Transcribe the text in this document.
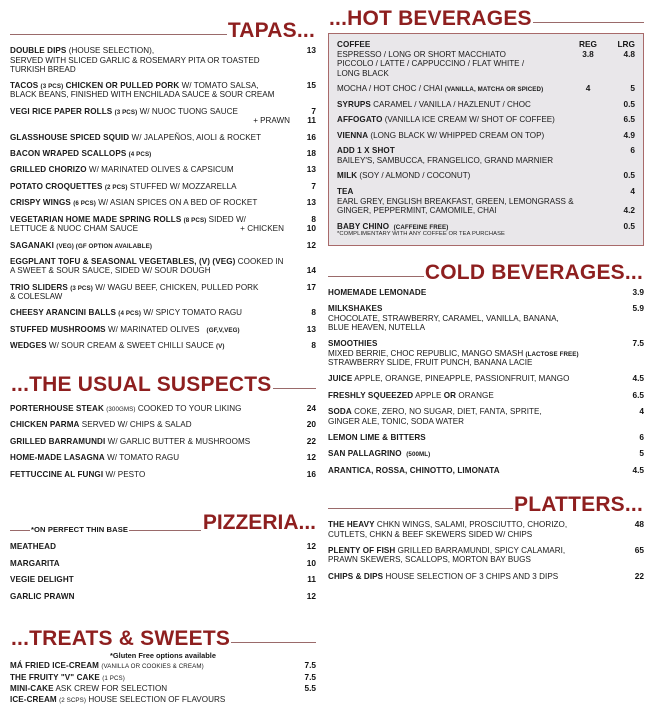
TAPAS...
DOUBLE DIPS (HOUSE SELECTION),	13
SERVED WITH SLICED GARLIC & ROSEMARY PITA OR TOASTED
TURKISH BREAD
TACOS (3 PCS) CHICKEN OR PULLED PORK W/ TOMATO SALSA,	15
BLACK BEANS, FINISHED WITH ENCHILADA SAUCE & SOUR CREAM
VEGI RICE PAPER ROLLS (3 PCS) W/ NUOC TUONG SAUCE	7
+ PRAWN	11
GLASSHOUSE SPICED SQUID W/ JALAPEÑOS, AIOLI & ROCKET	16
BACON WRAPED SCALLOPS (4 PCS)	18
GRILLED CHORIZO W/ MARINATED OLIVES & CAPSICUM	13
POTATO CROQUETTES (2 PCS) STUFFED W/ MOZZARELLA	7
CRISPY WINGS (6 PCS) W/ ASIAN SPICES ON A BED OF ROCKET	13
VEGETARIAN HOME MADE SPRING ROLLS (8 PCS) SIDED W/	8
LETTUCE & NUOC CHAM SAUCE	+ CHICKEN	10
SAGANAKI (VEG) (GF OPTION AVAILABLE)	12
EGGPLANT TOFU & SEASONAL VEGETABLES, (V) (VEG) COOKED IN
A SWEET & SOUR SAUCE, SIDED W/ SOUR DOUGH	14
TRIO SLIDERS (3 PCS) W/ WAGU BEEF, CHICKEN, PULLED PORK	17
& COLESLAW
CHEESY ARANCINI BALLS (4 PCS) W/ SPICY TOMATO RAGU	8
STUFFED MUSHROOMS W/ MARINATED OLIVES (GF,V,VEG)	13
WEDGES W/ SOUR CREAM & SWEET CHILLI SAUCE (V)	8
...THE USUAL SUSPECTS
PORTERHOUSE STEAK (300GMS) COOKED TO YOUR LIKING	24
CHICKEN PARMA SERVED W/ CHIPS & SALAD	20
GRILLED BARRAMUNDI W/ GARLIC BUTTER & MUSHROOMS	22
HOME-MADE LASAGNA W/ TOMATO RAGU	12
FETTUCCINE AL FUNGI W/ PESTO	16
*ON PERFECT THIN BASE	PIZZERIA...
MEATHEAD	12
MARGARITA	10
VEGIE DELIGHT	11
GARLIC PRAWN	12
...TREATS & SWEETS
*Gluten Free options available
MÁ FRIED ICE-CREAM (VANILLA OR COOKIES & CREAM)	7.5
THE FRUITY "V" CAKE (1 PCS)	7.5
MINI-CAKE ASK CREW FOR SELECTION	5.5
ICE-CREAM (2 SCPS) HOUSE SELECTION OF FLAVOURS
...HOT BEVERAGES
COFFEE	REG	LRG
ESPRESSO / LONG OR SHORT MACCHIATO	3.8	4.8
PICCOLO / LATTE / CAPPUCCINO / FLAT WHITE /
LONG BLACK
MOCHA / HOT CHOC / CHAI (VANILLA, MATCHA OR SPICED)	4	5
SYRUPS CARAMEL / VANILLA / HAZLENUT / CHOC	0.5
AFFOGATO (VANILLA ICE CREAM W/ SHOT OF COFFEE)	6.5
VIENNA (LONG BLACK W/ WHIPPED CREAM ON TOP)	4.9
ADD 1 X SHOT	6
BAILEY'S, SAMBUCCA, FRANGELICO, GRAND MARNIER
MILK (SOY / ALMOND / COCONUT)	0.5
TEA	4
EARL GREY, ENGLISH BREAKFAST, GREEN, LEMONGRASS &
GINGER, PEPPERMINT, CAMOMILE, CHAI	4.2
BABY CHINO (CAFFEINE FREE)	0.5
*COMPLIMENTARY WITH ANY COFFEE OR TEA PURCHASE
COLD BEVERAGES...
HOMEMADE LEMONADE	3.9
MILKSHAKES	5.9
CHOCOLATE, STRAWBERRY, CARAMEL, VANILLA, BANANA,
BLUE HEAVEN, NUTELLA
SMOOTHIES	7.5
MIXED BERRIE, CHOC REPUBLIC, MANGO SMASH (LACTOSE FREE)
STRAWBERRY SLIDE, FRUIT PUNCH, BANANA LACIE
JUICE APPLE, ORANGE, PINEAPPLE, PASSIONFRUIT, MANGO	4.5
FRESHLY SQUEEZED APPLE OR ORANGE	6.5
SODA COKE, ZERO, NO SUGAR, DIET, FANTA, SPRITE,	4
GINGER ALE, TONIC, SODA WATER
LEMON LIME & BITTERS	6
SAN PALLAGRINO (500ML)	5
ARANTICA, ROSSA, CHINOTTO, LIMONATA	4.5
PLATTERS...
THE HEAVY CHKN WINGS, SALAMI, PROSCIUTTO, CHORIZO,	48
CUTLETS, CHKN & BEEF SKEWERS SIDED W/ CHIPS
PLENTY OF FISH GRILLED BARRAMUNDI, SPICY CALAMARI,	65
PRAWN SKEWERS, SCALLOPS, MORTON BAY BUGS
CHIPS & DIPS HOUSE SELECTION OF 3 CHIPS AND 3 DIPS	22
